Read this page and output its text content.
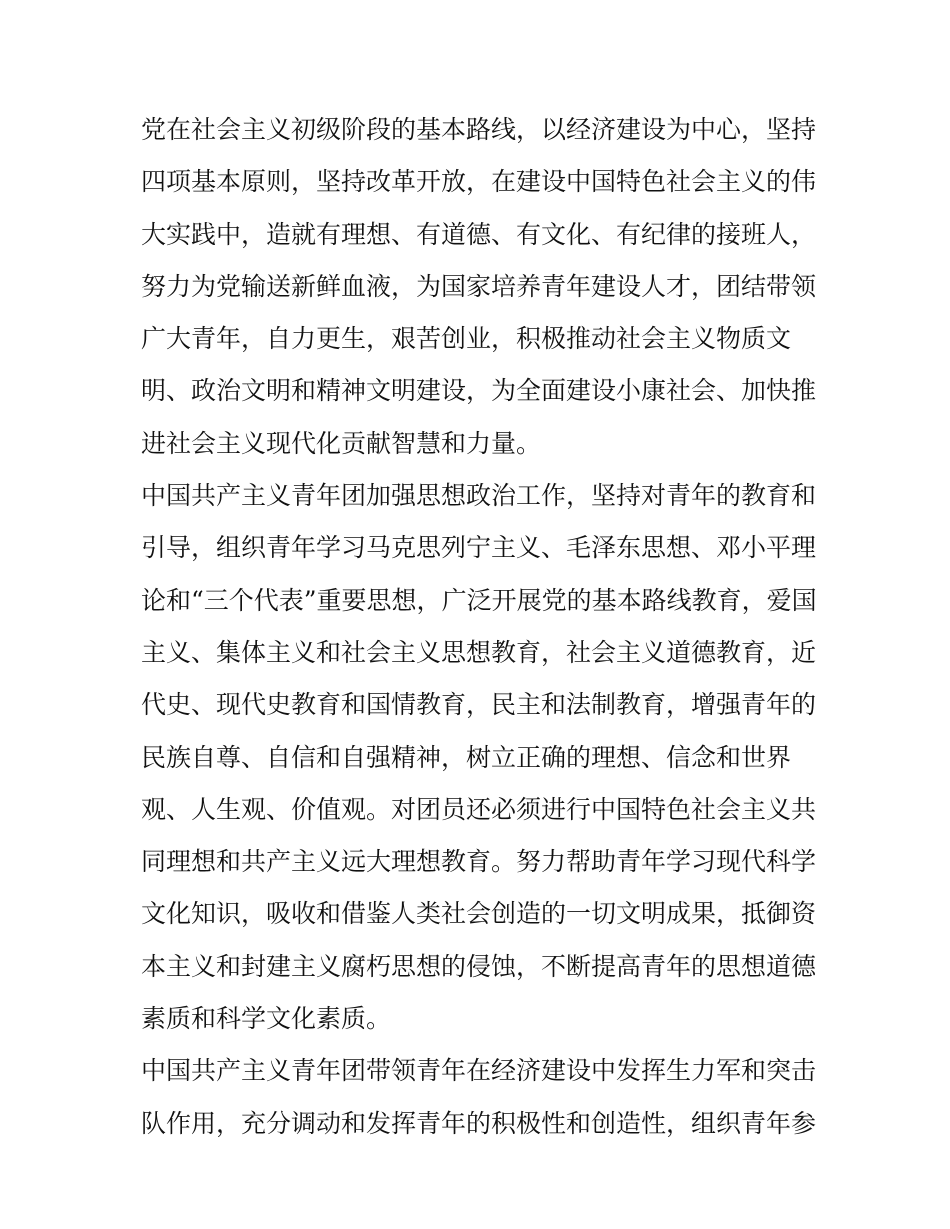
党在社会主义初级阶段的基本路线，以经济建设为中心，坚持
四项基本原则，坚持改革开放，在建设中国特色社会主义的伟
大实践中，造就有理想、有道德、有文化、有纪律的接班人，
努力为党输送新鲜血液，为国家培养青年建设人才，团结带领
广大青年，自力更生，艰苦创业，积极推动社会主义物质文
明、政治文明和精神文明建设，为全面建设小康社会、加快推
进社会主义现代化贡献智慧和力量。
中国共产主义青年团加强思想政治工作，坚持对青年的教育和
引导，组织青年学习马克思列宁主义、毛泽东思想、邓小平理
论和“三个代表”重要思想，广泛开展党的基本路线教育，爱国
主义、集体主义和社会主义思想教育，社会主义道德教育，近
代史、现代史教育和国情教育，民主和法制教育，增强青年的
民族自尊、自信和自强精神，树立正确的理想、信念和世界
观、人生观、价值观。对团员还必须进行中国特色社会主义共
同理想和共产主义远大理想教育。努力帮助青年学习现代科学
文化知识，吸收和借鉴人类社会创造的一切文明成果，抵御资
本主义和封建主义腐朽思想的侵蚀，不断提高青年的思想道德
素质和科学文化素质。
中国共产主义青年团带领青年在经济建设中发挥生力军和突击
队作用，充分调动和发挥青年的积极性和创造性，组织青年参
